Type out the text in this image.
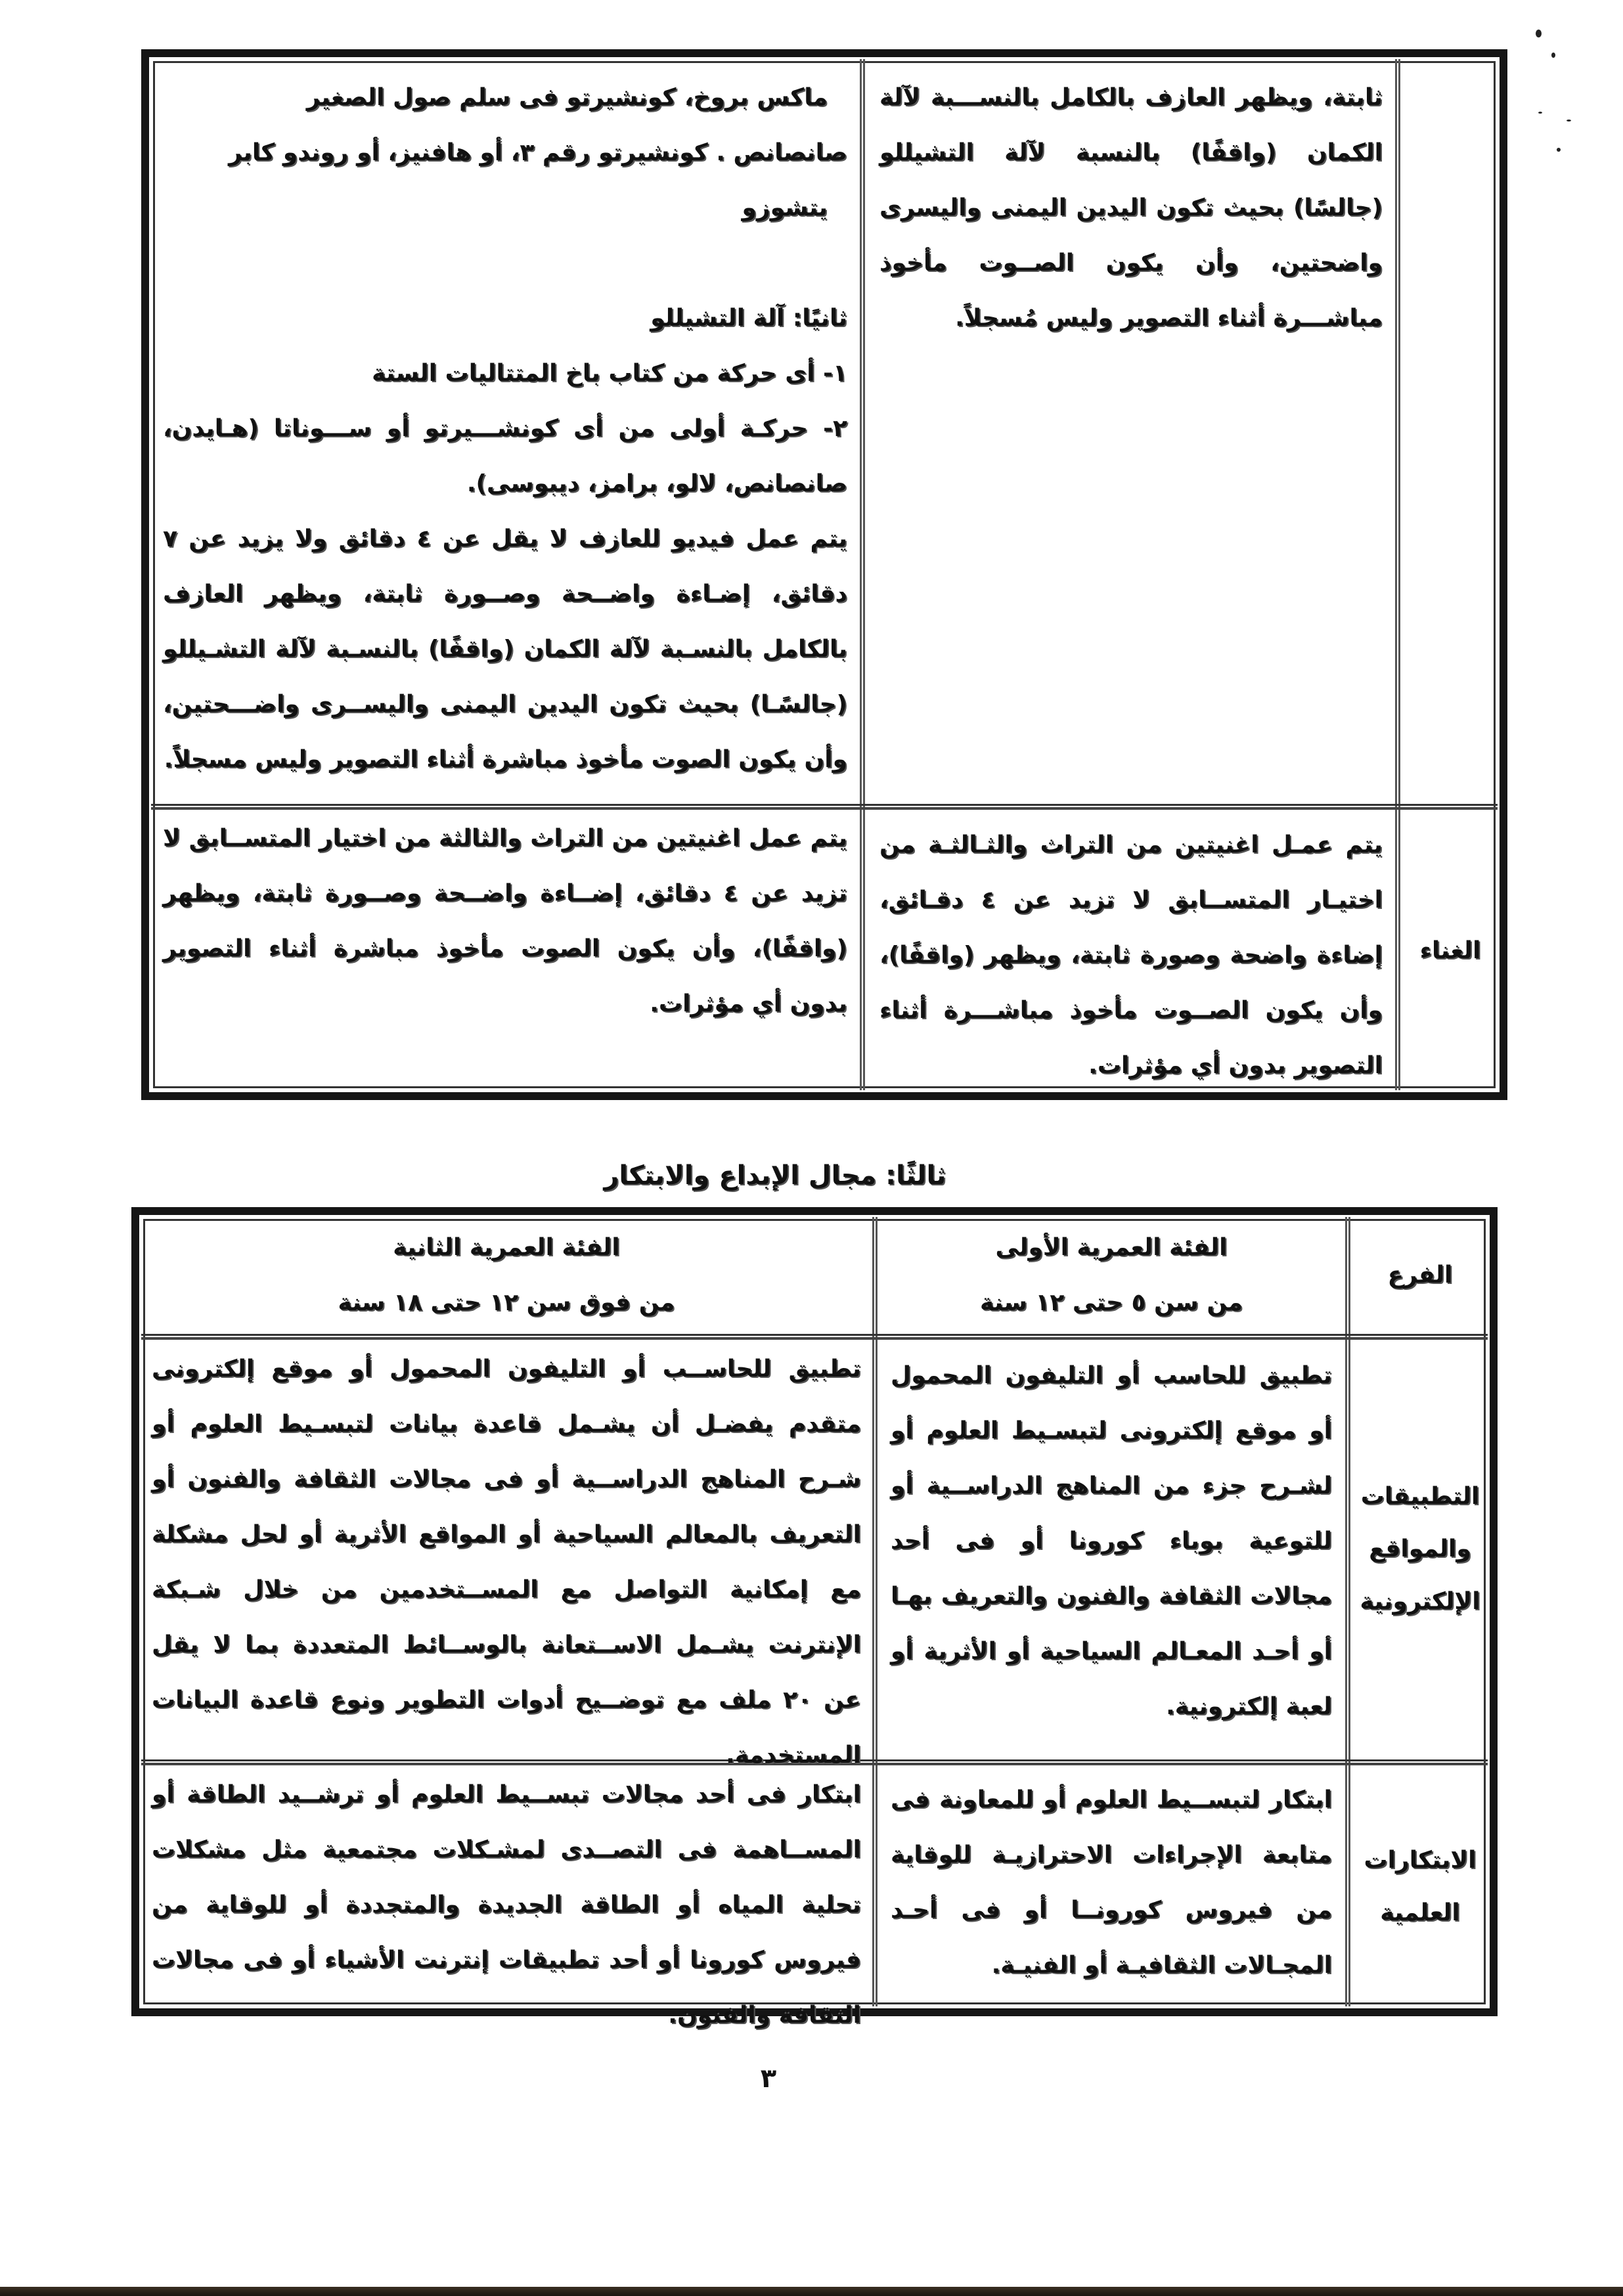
ثابتة، ويظهر العازف بالكامل بالنســـبة لآلة الكمان (واقفًا) بالنسبة لآلة التشيللو (جالسًا) بحيث تكون اليدين اليمنى واليسرى واضحتين، وأن يكون الصــوت مأخوذ مباشـــرة أثناء التصوير وليس مُسجلاً.

ماكس بروخ، كونشيرتو فى سلم صول الصغير

صانصانص . كونشيرتو رقم ٣، أو هافنيز، أو روندو كابر

يتشوزو

ثانيًا: آلة التشيللو

١- أى حركة من كتاب باخ المتتاليات الستة

٢- حركـة أولى من أى كونشـــيرتو أو ســـوناتا (هـايدن، صانصانص، لالو، برامز، ديبوسى).

يتم عمل فيديو للعازف لا يقل عن ٤ دقائق ولا يزيد عن ٧ دقائق، إضـاءة واضــحة وصــورة ثابتة، ويظهر العازف بالكامل بالنسـبة لآلة الكمان (واقفًا) بالنسـبة لآلة التشـيللو (جالسًـا) بحيث تكون اليدين اليمنى واليســرى واضـــحتين، وأن يكون الصوت مأخوذ مباشرة أثناء التصوير وليس مسجلاً.

الغناء

يتم عمـل اغنيتين من التراث والثـالثـة من اختيـار المتســابق لا تزيد عن ٤ دقـائق، إضاءة واضحة وصورة ثابتة، ويظهر (واقفًا)، وأن يكون الصــوت مأخوذ مباشـــرة أثناء التصوير بدون أي مؤثرات.

يتم عمل اغنيتين من التراث والثالثة من اختيار المتســابق لا تزيد عن ٤ دقائق، إضــاءة واضــحة وصــورة ثابتة، ويظهر (واقفًا)، وأن يكون الصوت مأخوذ مباشرة أثناء التصوير بدون أي مؤثرات.

ثالثًا: مجال الإبداع والابتكار
الفرع
الفئة العمرية الأولى
من سن ٥ حتى ١٢ سنة
الفئة العمرية الثانية
من فوق سن ١٢ حتى ١٨ سنة
التطبيقات والمواقع الإلكترونية
تطبيق للحاسب أو التليفون المحمول أو موقع إلكترونى لتبسـيط العلوم أو لشـرح جزء من المناهج الدراســية أو للتوعية بوباء كورونا أو فى أحد مجالات الثقافة والفنون والتعريف بهـا أو أحـد المعـالم السياحية أو الأثرية أو لعبة إلكترونية.
تطبيق للحاســب أو التليفون المحمول أو موقع إلكترونى متقدم يفضـل أن يشـمل قاعدة بيانات لتبسـيط العلوم أو شـرح المناهج الدراســية أو فى مجالات الثقافة والفنون أو التعريف بالمعالم السياحية أو المواقع الأثرية أو لحل مشكلة مع إمكانية التواصل مع المســتخدمين من خلال شـبكة الإنترنت يشـمل الاســتعانة بالوســائط المتعددة بما لا يقل عن ٢٠ ملف مع توضــيح أدوات التطوير ونوع قاعدة البيانات المستخدمة.
الابتكارات العلمية
ابتكار لتبســيط العلوم أو للمعاونة فى متابعة الإجراءات الاحترازيـة للوقاية من فيروس كورونــا أو فى أحـد المجـالات الثقافيـة أو الفنيـة.
ابتكار فى أحد مجالات تبســيط العلوم أو ترشــيد الطاقة أو المســاهمة فى التصــدى لمشـكلات مجتمعية مثل مشكلات تحلية المياه أو الطاقة الجديدة والمتجددة أو للوقاية من فيروس كورونا أو أحد تطبيقات إنترنت الأشياء أو فى مجالات الثقافة والفنون.
٣
